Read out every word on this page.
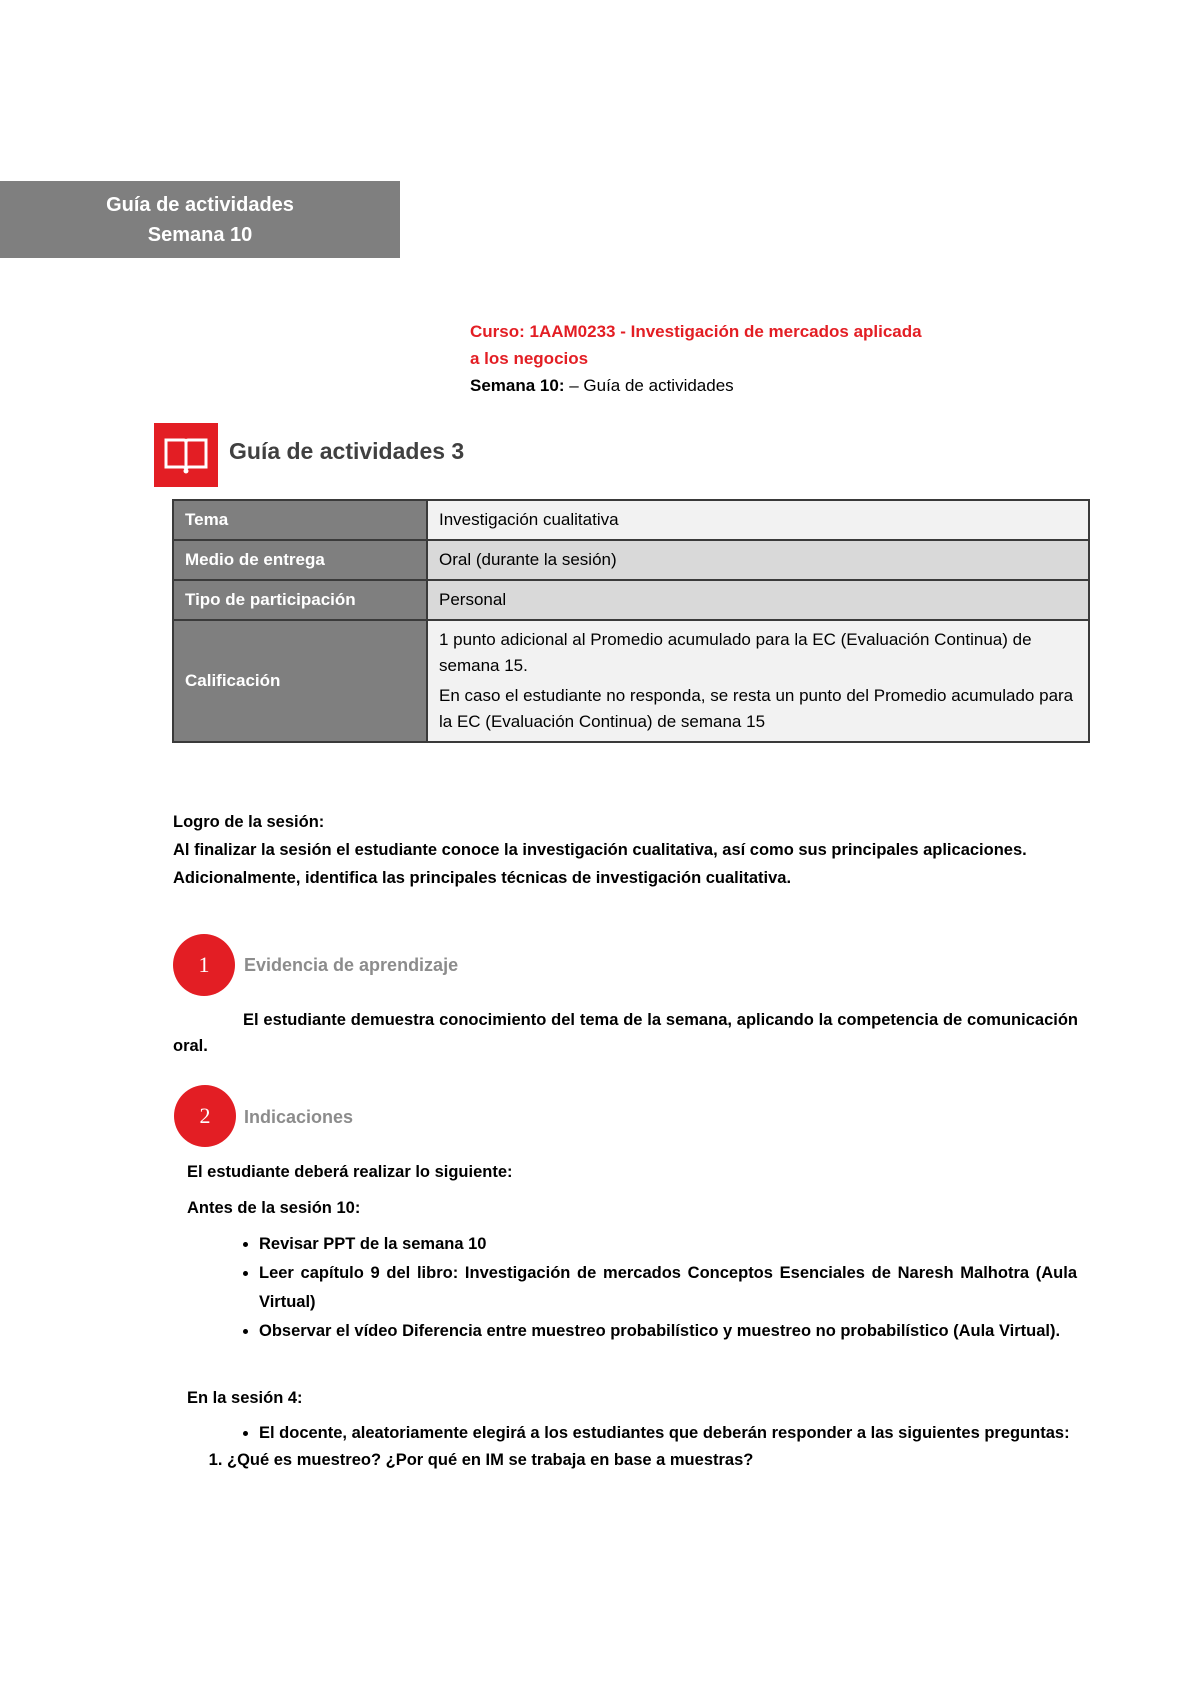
Guía de actividades
Semana 10
Curso: 1AAM0233 - Investigación de mercados aplicada
a los negocios
Semana 10: – Guía de actividades
Guía de actividades 3
Tema	Investigación cualitativa
Medio de entrega	Oral (durante la sesión)
Tipo de participación	Personal
Calificación	1 punto adicional al Promedio acumulado para la EC (Evaluación Continua) de semana 15.

En caso el estudiante no responda, se resta un punto del Promedio acumulado para la EC (Evaluación Continua) de semana 15

Logro de la sesión:
Al finalizar la sesión el estudiante conoce la investigación cualitativa, así como sus principales aplicaciones.
Adicionalmente, identifica las principales técnicas de investigación cualitativa.
1	Evidencia de aprendizaje
El estudiante demuestra conocimiento del tema de la semana, aplicando la competencia de comunicación oral.
2	Indicaciones
El estudiante deberá realizar lo siguiente:
Antes de la sesión 10:
• Revisar PPT de la semana 10
• Leer capítulo 9 del libro: Investigación de mercados Conceptos Esenciales de Naresh Malhotra (Aula Virtual)
• Observar el vídeo Diferencia entre muestreo probabilístico y muestreo no probabilístico (Aula Virtual).
En la sesión 4:
• El docente, aleatoriamente elegirá a los estudiantes que deberán responder a las siguientes preguntas:
1. ¿Qué es muestreo? ¿Por qué en IM se trabaja en base a muestras?
